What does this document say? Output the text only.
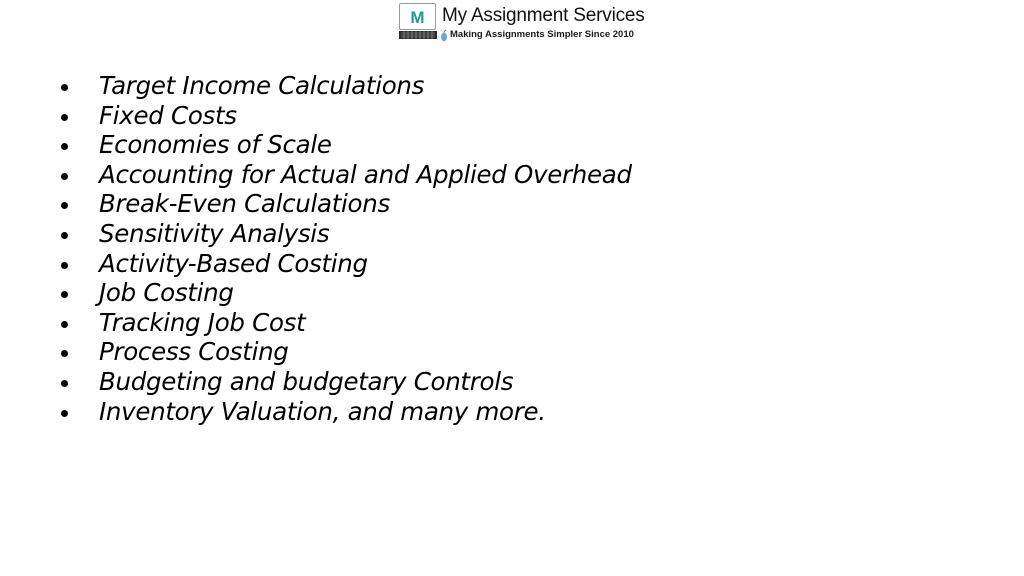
M My Assignment Services
Making Assignments Simpler Since 2010
Target Income Calculations
Fixed Costs
Economies of Scale
Accounting for Actual and Applied Overhead
Break-Even Calculations
Sensitivity Analysis
Activity-Based Costing
Job Costing
Tracking Job Cost
Process Costing
Budgeting and budgetary Controls
Inventory Valuation, and many more.
